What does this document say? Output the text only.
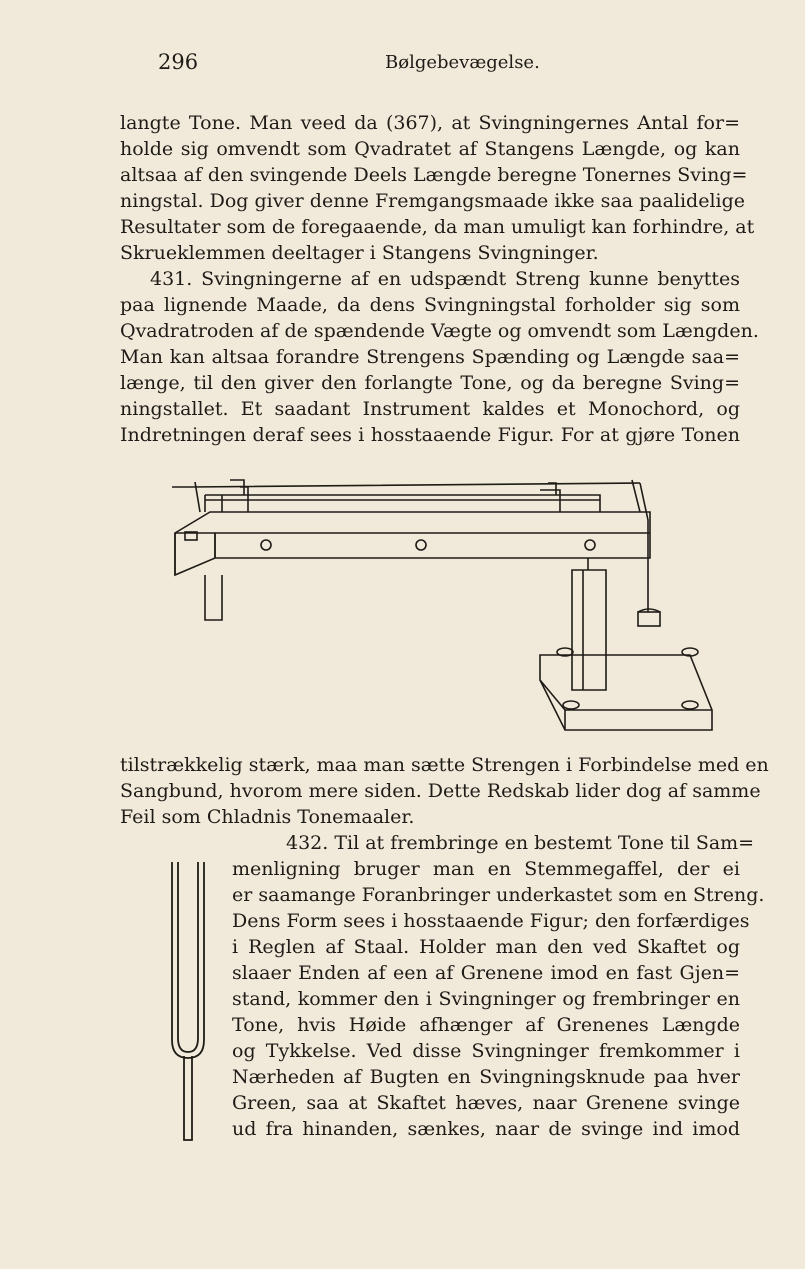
296	Bølgebevægelse.
langte Tone. Man veed da (367), at Svingningernes Antal for=
holde sig omvendt som Qvadratet af Stangens Længde, og kan
altsaa af den svingende Deels Længde beregne Tonernes Sving=
ningstal. Dog giver denne Fremgangsmaade ikke saa paalidelige
Resultater som de foregaaende, da man umuligt kan forhindre, at
Skrueklemmen deeltager i Stangens Svingninger.
431. Svingningerne af en udspændt Streng kunne benyttes
paa lignende Maade, da dens Svingningstal forholder sig som
Qvadratroden af de spændende Vægte og omvendt som Længden.
Man kan altsaa forandre Strengens Spænding og Længde saa=
længe, til den giver den forlangte Tone, og da beregne Sving=
ningstallet. Et saadant Instrument kaldes et Monochord, og
Indretningen deraf sees i hosstaaende Figur. For at gjøre Tonen
tilstrækkelig stærk, maa man sætte Strengen i Forbindelse med en
Sangbund, hvorom mere siden. Dette Redskab lider dog af samme
Feil som Chladnis Tonemaaler.
432. Til at frembringe en bestemt Tone til Sam=
menligning bruger man en Stemmegaffel, der ei
er saamange Foranbringer underkastet som en Streng.
Dens Form sees i hosstaaende Figur; den forfærdiges
i Reglen af Staal. Holder man den ved Skaftet og
slaaer Enden af een af Grenene imod en fast Gjen=
stand, kommer den i Svingninger og frembringer en
Tone, hvis Høide afhænger af Grenenes Længde
og Tykkelse. Ved disse Svingninger fremkommer i
Nærheden af Bugten en Svingningsknude paa hver
Green, saa at Skaftet hæves, naar Grenene svinge
ud fra hinanden, sænkes, naar de svinge ind imod
